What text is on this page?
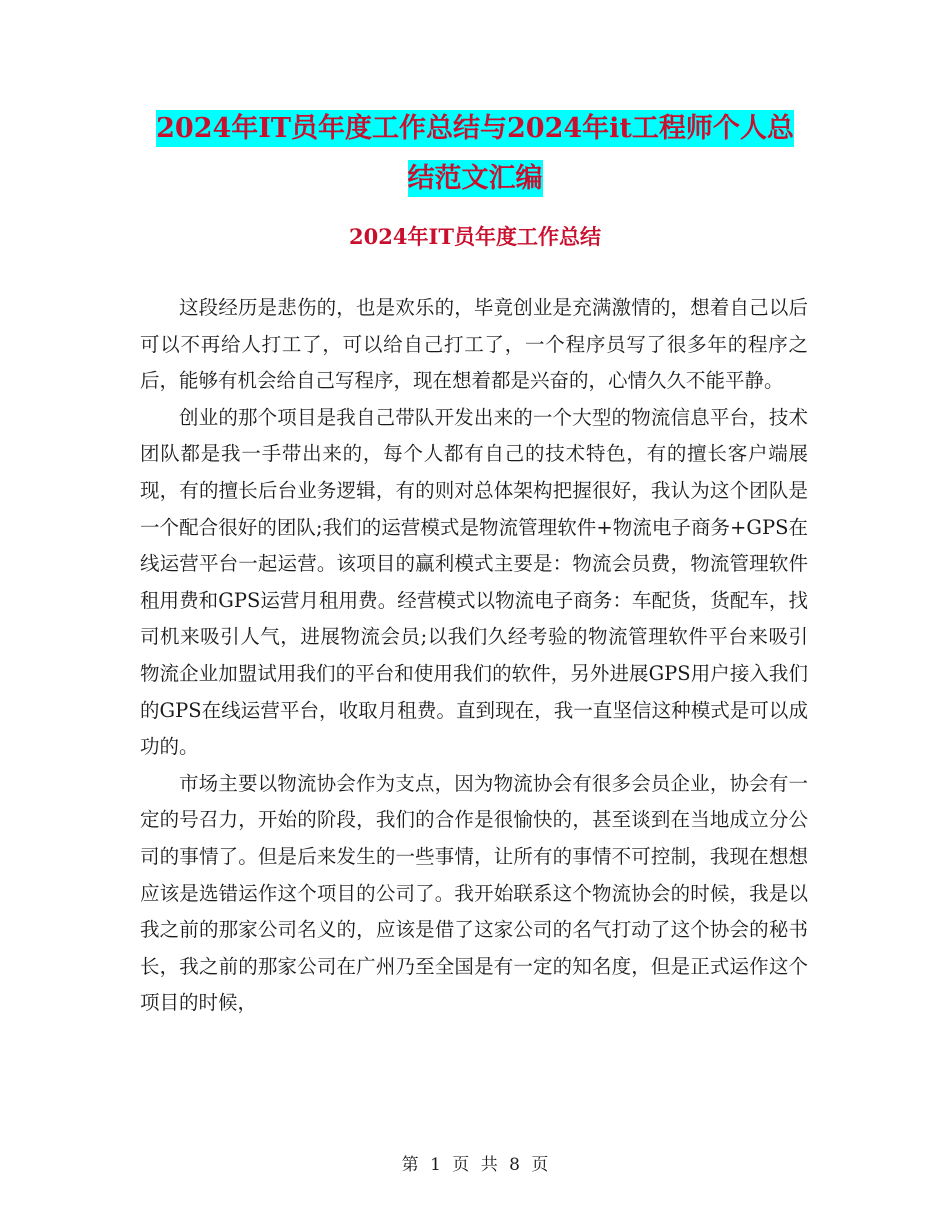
2024年IT员年度工作总结与2024年it工程师个人总
结范文汇编
2024年IT员年度工作总结

这段经历是悲伤的，也是欢乐的，毕竟创业是充满激情的，想着自己以后可以不再给人打工了，可以给自己打工了，一个程序员写了很多年的程序之后，能够有机会给自己写程序，现在想着都是兴奋的，心情久久不能平静。

创业的那个项目是我自己带队开发出来的一个大型的物流信息平台，技术团队都是我一手带出来的，每个人都有自己的技术特色，有的擅长客户端展现，有的擅长后台业务逻辑，有的则对总体架构把握很好，我认为这个团队是一个配合很好的团队;我们的运营模式是物流管理软件+物流电子商务+GPS在线运营平台一起运营。该项目的赢利模式主要是：物流会员费，物流管理软件租用费和GPS运营月租用费。经营模式以物流电子商务：车配货，货配车，找司机来吸引人气，进展物流会员;以我们久经考验的物流管理软件平台来吸引物流企业加盟试用我们的平台和使用我们的软件，另外进展GPS用户接入我们的GPS在线运营平台，收取月租费。直到现在，我一直坚信这种模式是可以成功的。

市场主要以物流协会作为支点，因为物流协会有很多会员企业，协会有一定的号召力，开始的阶段，我们的合作是很愉快的，甚至谈到在当地成立分公司的事情了。但是后来发生的一些事情，让所有的事情不可控制，我现在想想应该是选错运作这个项目的公司了。我开始联系这个物流协会的时候，我是以我之前的那家公司名义的，应该是借了这家公司的名气打动了这个协会的秘书长，我之前的那家公司在广州乃至全国是有一定的知名度，但是正式运作这个项目的时候，

第 1 页 共 8 页
